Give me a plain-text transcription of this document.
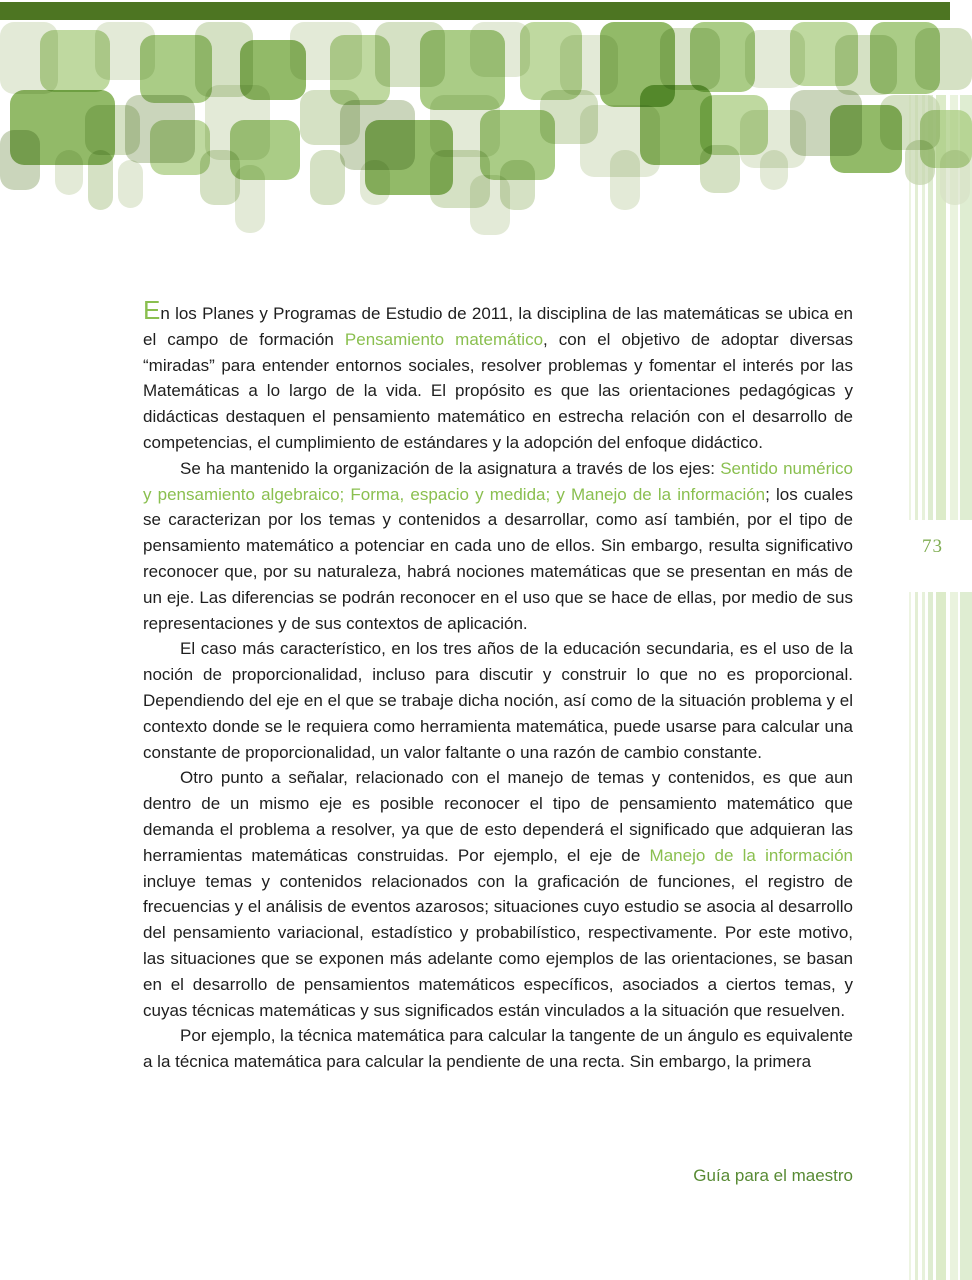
73

En los Planes y Programas de Estudio de 2011, la disciplina de las matemáticas se ubica en el campo de formación Pensamiento matemático, con el objetivo de adoptar diversas “miradas” para entender entornos sociales, resolver problemas y fomentar el interés por las Matemáticas a lo largo de la vida. El propósito es que las orientaciones pedagógicas y didácticas destaquen el pensamiento matemático en estrecha relación con el desarrollo de competencias, el cumplimiento de estándares y la adopción del enfoque didáctico.

Se ha mantenido la organización de la asignatura a través de los ejes: Sentido numérico y pensamiento algebraico; Forma, espacio y medida; y Manejo de la información; los cuales se caracterizan por los temas y contenidos a desarrollar, como así también, por el tipo de pensamiento matemático a potenciar en cada uno de ellos. Sin embargo, resulta significativo reconocer que, por su naturaleza, habrá nociones matemáticas que se presentan en más de un eje. Las diferencias se podrán reconocer en el uso que se hace de ellas, por medio de sus representaciones y de sus contextos de aplicación.

El caso más característico, en los tres años de la educación secundaria, es el uso de la noción de proporcionalidad, incluso para discutir y construir lo que no es proporcional. Dependiendo del eje en el que se trabaje dicha noción, así como de la situación problema y el contexto donde se le requiera como herramienta matemática, puede usarse para calcular una constante de proporcionalidad, un valor faltante o una razón de cambio constante.

Otro punto a señalar, relacionado con el manejo de temas y contenidos, es que aun dentro de un mismo eje es posible reconocer el tipo de pensamiento matemático que demanda el problema a resolver, ya que de esto dependerá el significado que adquieran las herramientas matemáticas construidas. Por ejemplo, el eje de Manejo de la información incluye temas y contenidos relacionados con la graficación de funciones, el registro de frecuencias y el análisis de eventos azarosos; situaciones cuyo estudio se asocia al desarrollo del pensamiento variacional, estadístico y probabilístico, respectivamente. Por este motivo, las situaciones que se exponen más adelante como ejemplos de las orientaciones, se basan en el desarrollo de pensamientos matemáticos específicos, asociados a ciertos temas, y cuyas técnicas matemáticas y sus significados están vinculados a la situación que resuelven.

Por ejemplo, la técnica matemática para calcular la tangente de un ángulo es equivalente a la técnica matemática para calcular la pendiente de una recta. Sin embargo, la primera

Guía para el maestro
